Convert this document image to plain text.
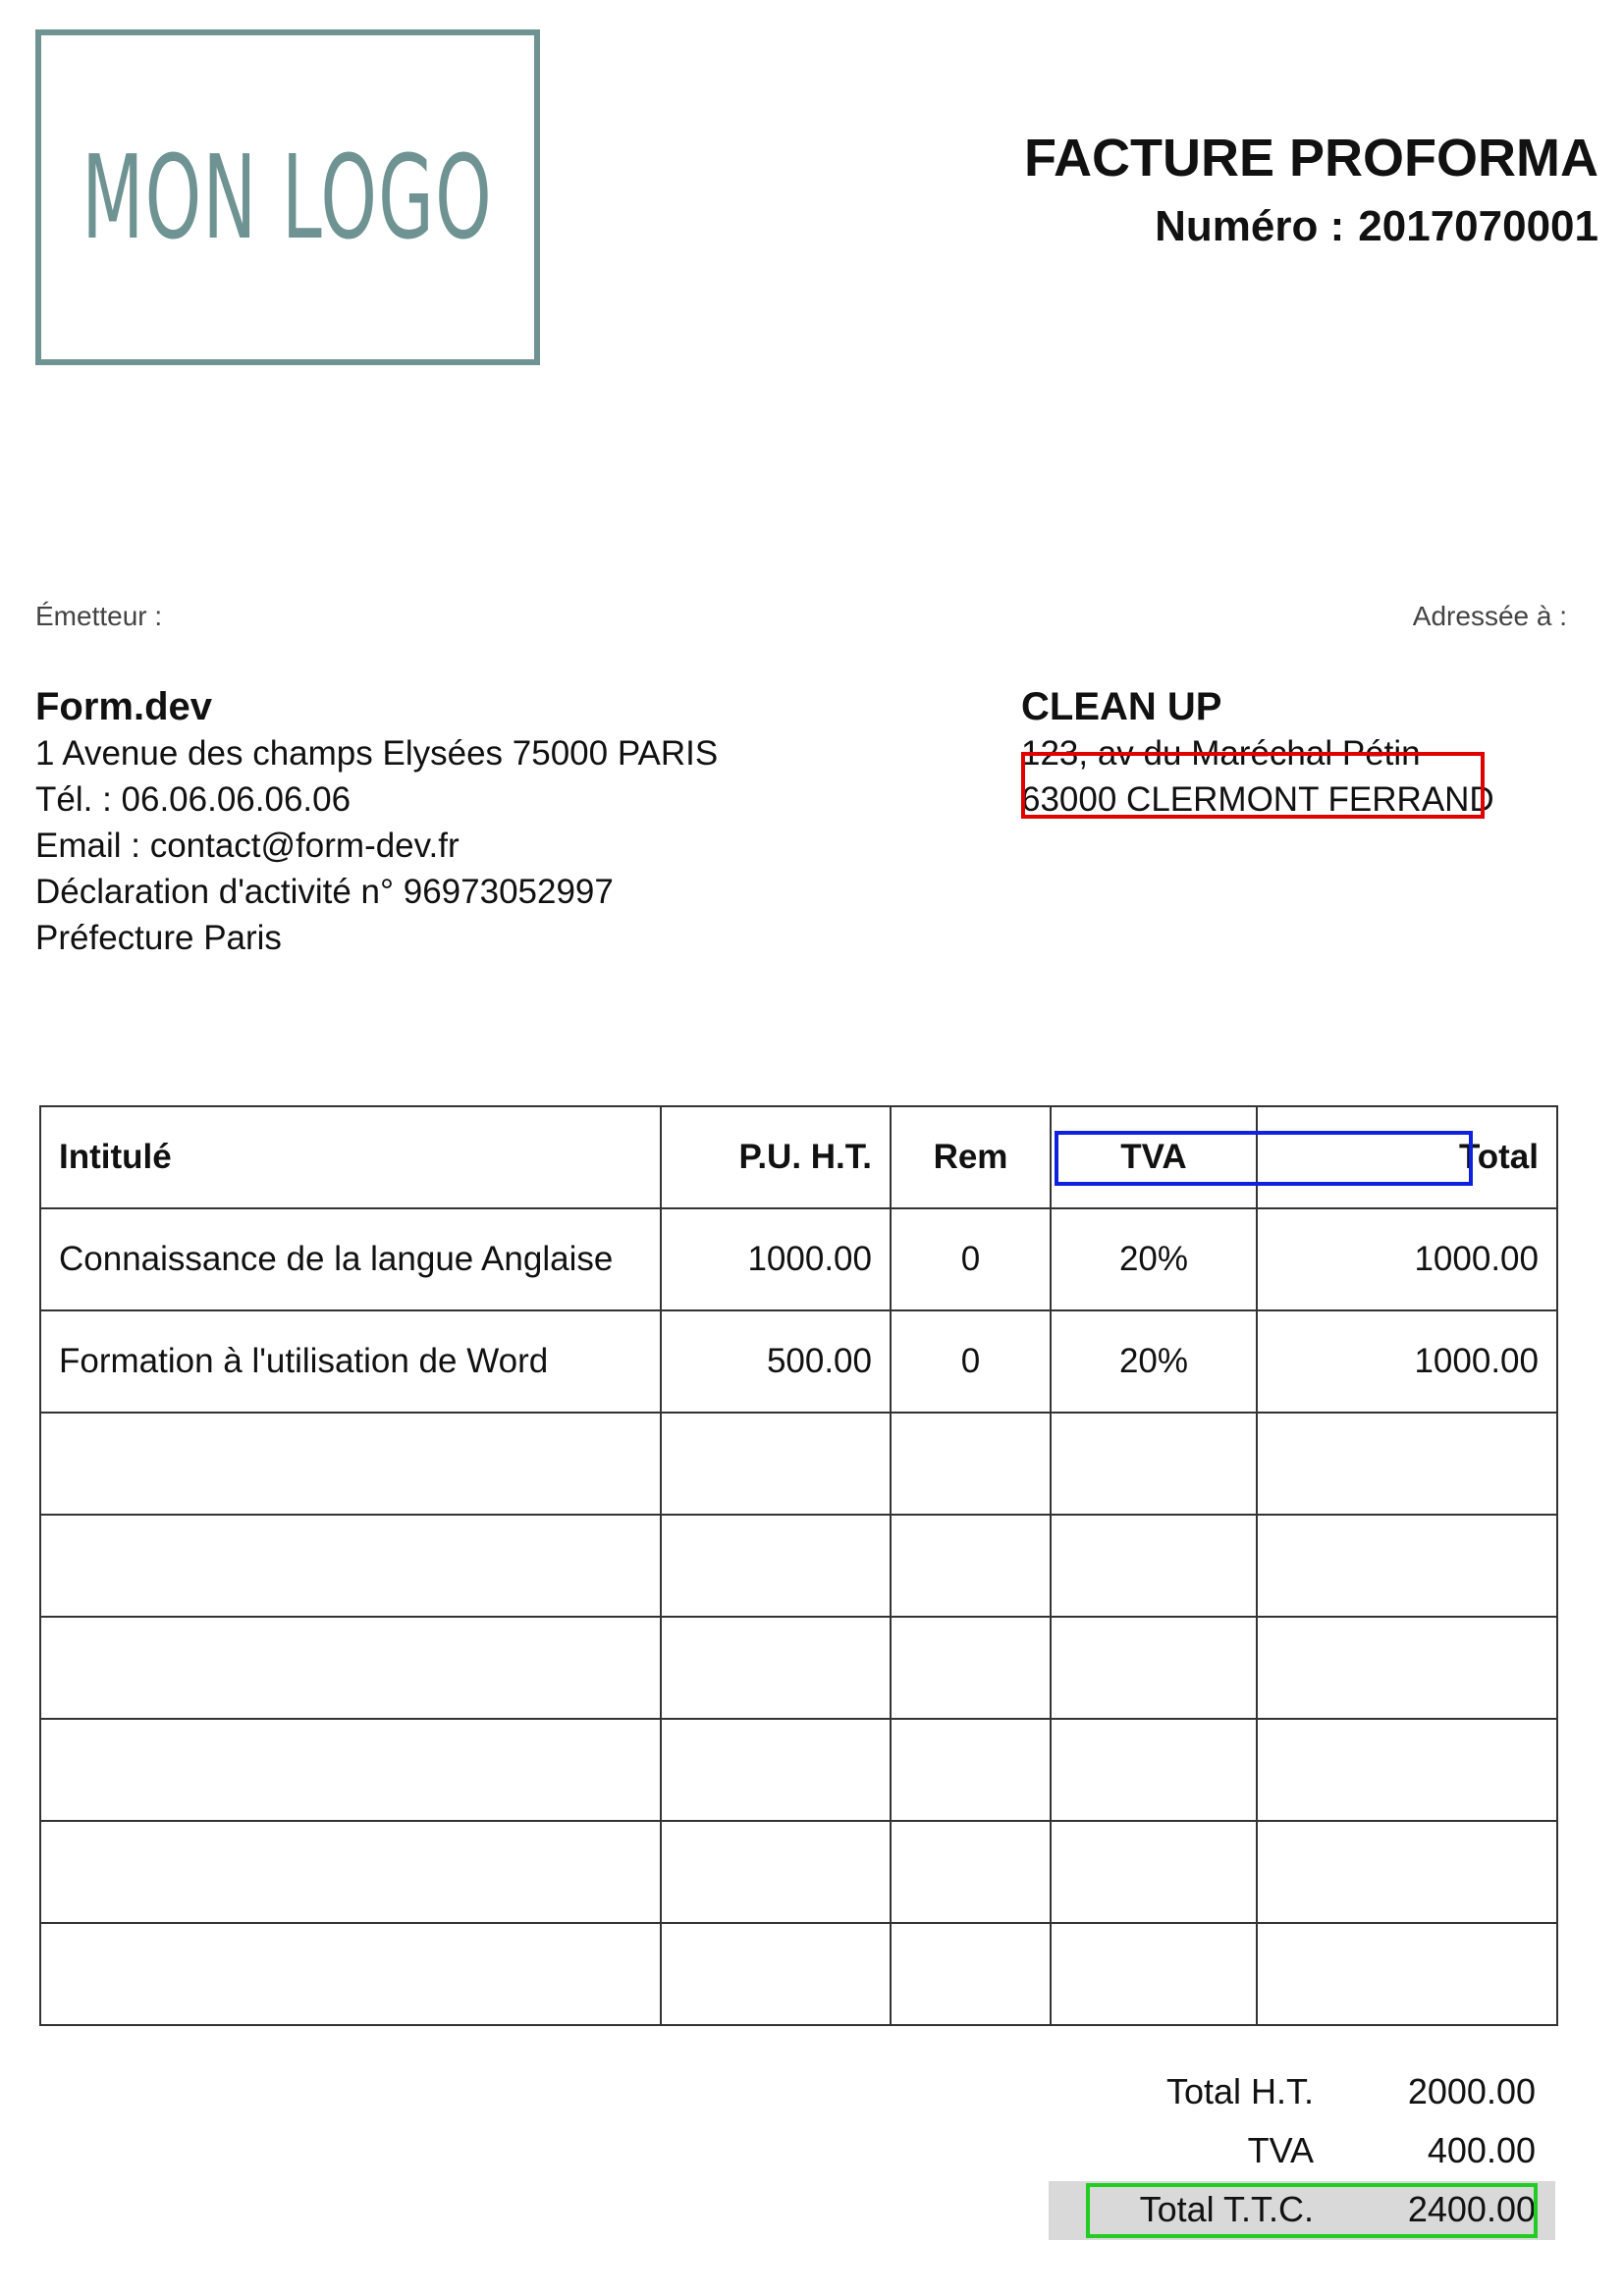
MON LOGO	FACTURE PROFORMA
Numéro : 2017070001
Émetteur :	Adressée à :
Form.dev
1 Avenue des champs Elysées 75000 PARIS
Tél. : 06.06.06.06.06
Email : contact@form-dev.fr
Déclaration d'activité n° 96973052997
Préfecture Paris
CLEAN UP
123, av du Maréchal Pétin
63000 CLERMONT FERRAND
Intitulé	P.U. H.T.	Rem	TVA	Total
Connaissance de la langue Anglaise	1000.00	0	20%	1000.00
Formation à l'utilisation de Word	500.00	0	20%	1000.00

Total H.T.	2000.00
TVA	400.00
Total T.T.C.	2400.00
